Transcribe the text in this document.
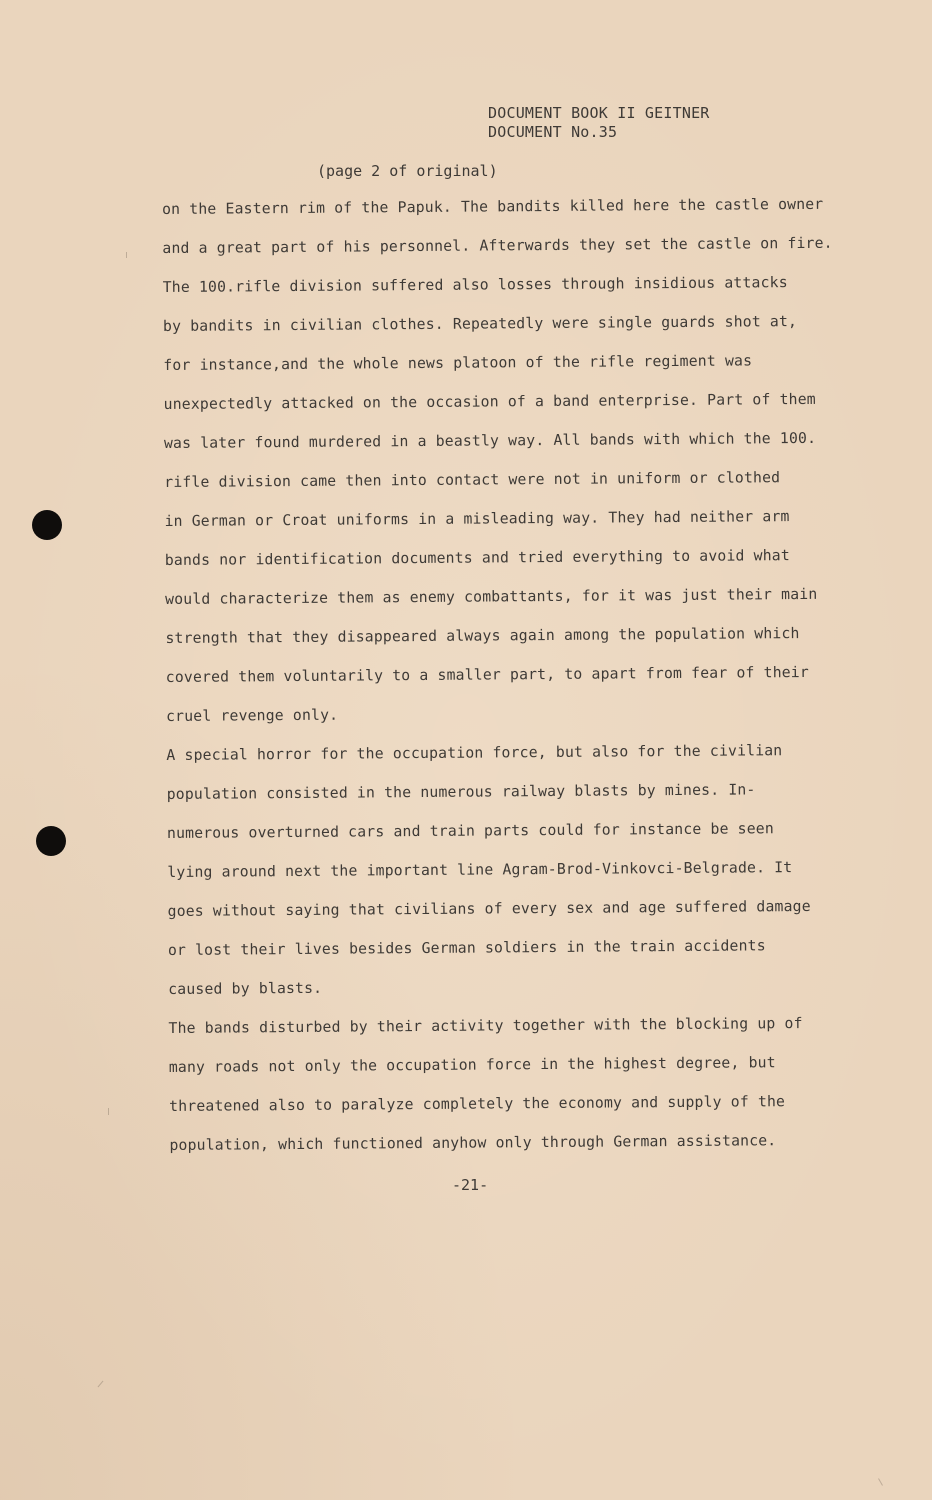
DOCUMENT BOOK II GEITNER
DOCUMENT No.35
(page 2 of original)
on the Eastern rim of the Papuk. The bandits killed here the castle owner
and a great part of his personnel. Afterwards they set the castle on fire.
The 100.rifle division suffered also losses through insidious attacks
by bandits in civilian clothes. Repeatedly were single guards shot at,
for instance,and the whole news platoon of the rifle regiment was
unexpectedly attacked on the occasion of a band enterprise. Part of them
was later found murdered in a beastly way. All bands with which the 100.
rifle division came then into contact were not in uniform or clothed
in German or Croat uniforms in a misleading way. They had neither arm
bands nor identification documents and tried everything to avoid what
would characterize them as enemy combattants, for it was just their main
strength that they disappeared always again among the population which
covered them voluntarily to a smaller part, to apart from fear of their
cruel revenge only.
A special horror for the occupation force, but also for the civilian
population consisted in the numerous railway blasts by mines. In-
numerous overturned cars and train parts could for instance be seen
lying around next the important line Agram-Brod-Vinkovci-Belgrade. It
goes without saying that civilians of every sex and age suffered damage
or lost their lives besides German soldiers in the train accidents
caused by blasts.
The bands disturbed by their activity together with the blocking up of
many roads not only the occupation force in the highest degree, but
threatened also to paralyze completely the economy and supply of the
population, which functioned anyhow only through German assistance.
-21-
